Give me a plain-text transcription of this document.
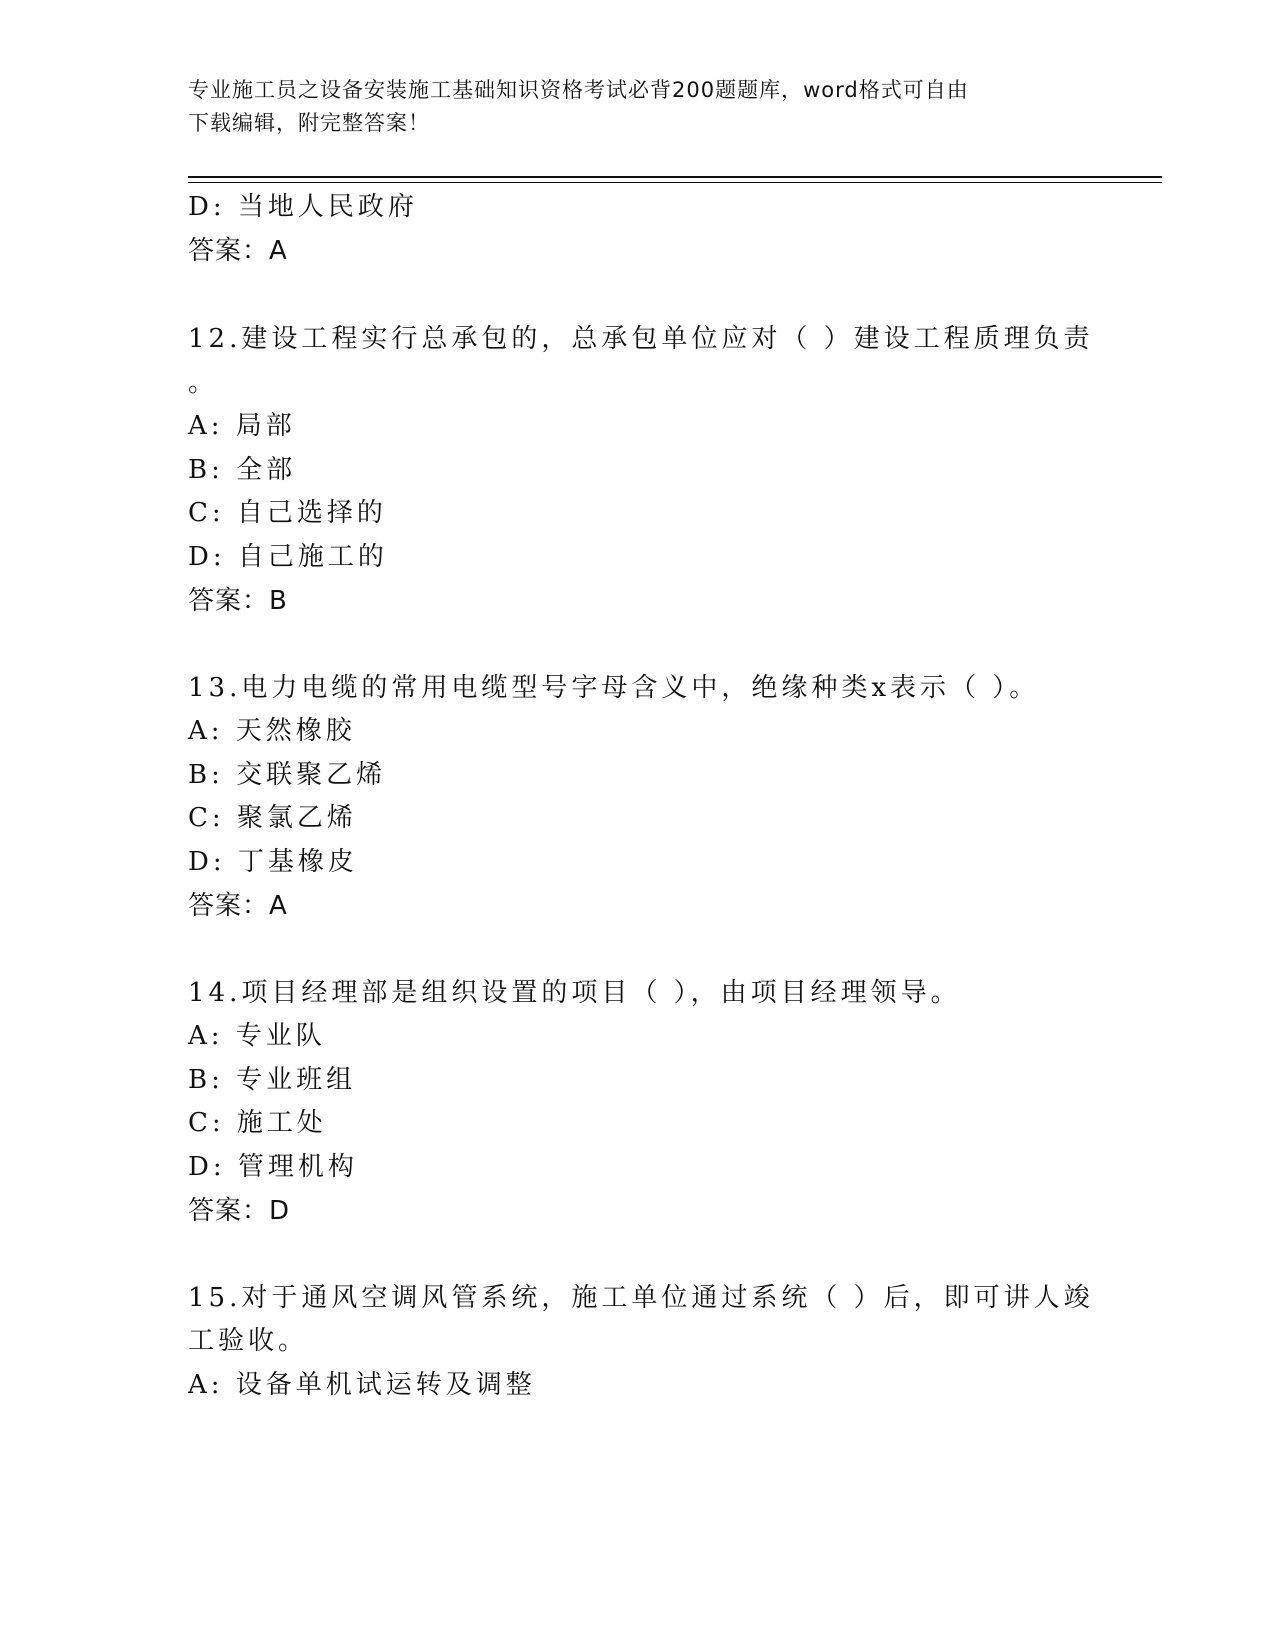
专业施工员之设备安装施工基础知识资格考试必背200题题库，word格式可自由
下载编辑，附完整答案！
D: 当地人民政府
答案：A
12.建设工程实行总承包的，总承包单位应对（ ）建设工程质理负责
。
A: 局部
B: 全部
C: 自己选择的
D: 自己施工的
答案：B
13.电力电缆的常用电缆型号字母含义中，绝缘种类x表示（ ）。
A: 天然橡胶
B: 交联聚乙烯
C: 聚氯乙烯
D: 丁基橡皮
答案：A
14.项目经理部是组织设置的项目（ ），由项目经理领导。
A: 专业队
B: 专业班组
C: 施工处
D: 管理机构
答案：D
15.对于通风空调风管系统，施工单位通过系统（ ）后，即可讲人竣
工验收。
A: 设备单机试运转及调整
